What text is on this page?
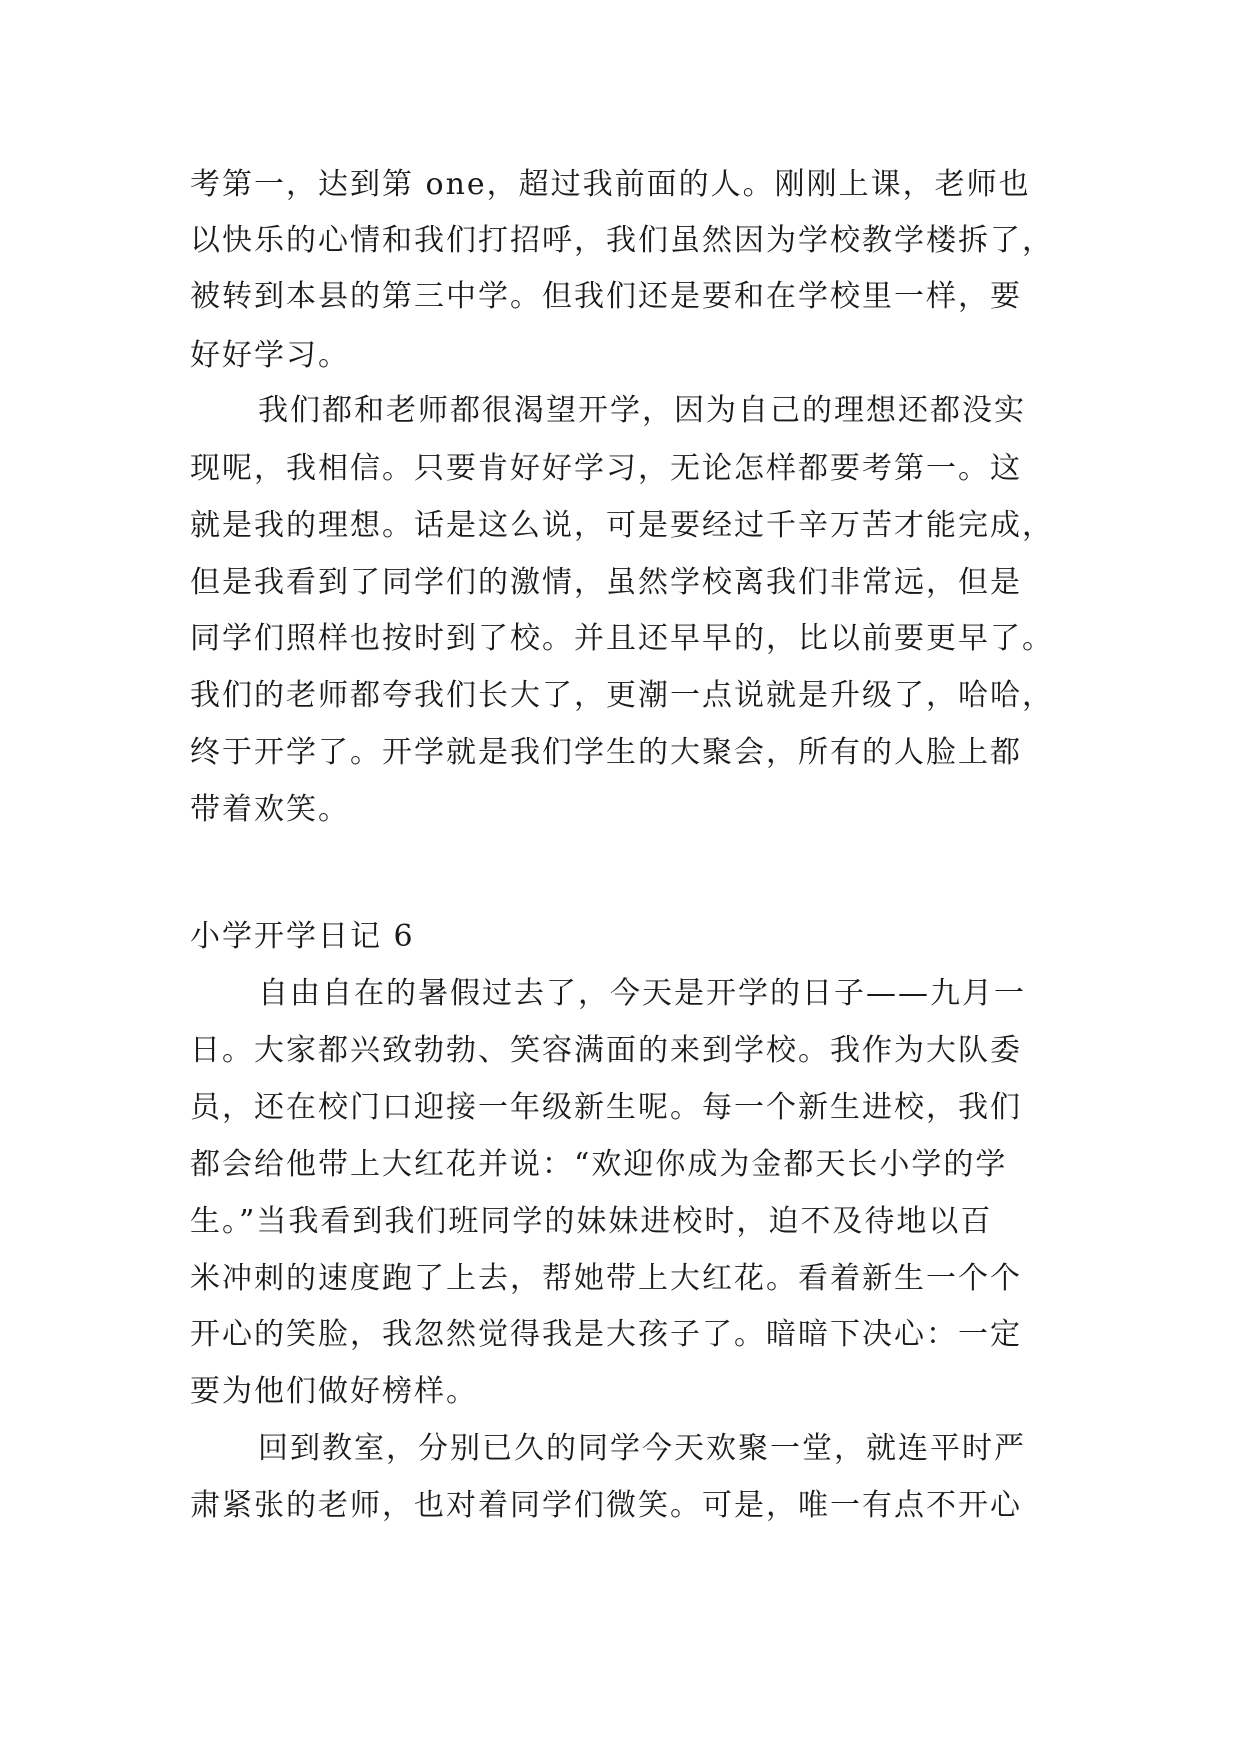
考第一，达到第 one，超过我前面的人。刚刚上课，老师也
以快乐的心情和我们打招呼，我们虽然因为学校教学楼拆了，
被转到本县的第三中学。但我们还是要和在学校里一样，要
好好学习。
我们都和老师都很渴望开学，因为自己的理想还都没实
现呢，我相信。只要肯好好学习，无论怎样都要考第一。这
就是我的理想。话是这么说，可是要经过千辛万苦才能完成，
但是我看到了同学们的激情，虽然学校离我们非常远，但是
同学们照样也按时到了校。并且还早早的，比以前要更早了。
我们的老师都夸我们长大了，更潮一点说就是升级了，哈哈，
终于开学了。开学就是我们学生的大聚会，所有的人脸上都
带着欢笑。
小学开学日记 6
自由自在的暑假过去了，今天是开学的日子——九月一
日。大家都兴致勃勃、笑容满面的来到学校。我作为大队委
员，还在校门口迎接一年级新生呢。每一个新生进校，我们
都会给他带上大红花并说：“欢迎你成为金都天长小学的学
生。”当我看到我们班同学的妹妹进校时，迫不及待地以百
米冲刺的速度跑了上去，帮她带上大红花。看着新生一个个
开心的笑脸，我忽然觉得我是大孩子了。暗暗下决心：一定
要为他们做好榜样。
回到教室，分别已久的同学今天欢聚一堂，就连平时严
肃紧张的老师，也对着同学们微笑。可是，唯一有点不开心
